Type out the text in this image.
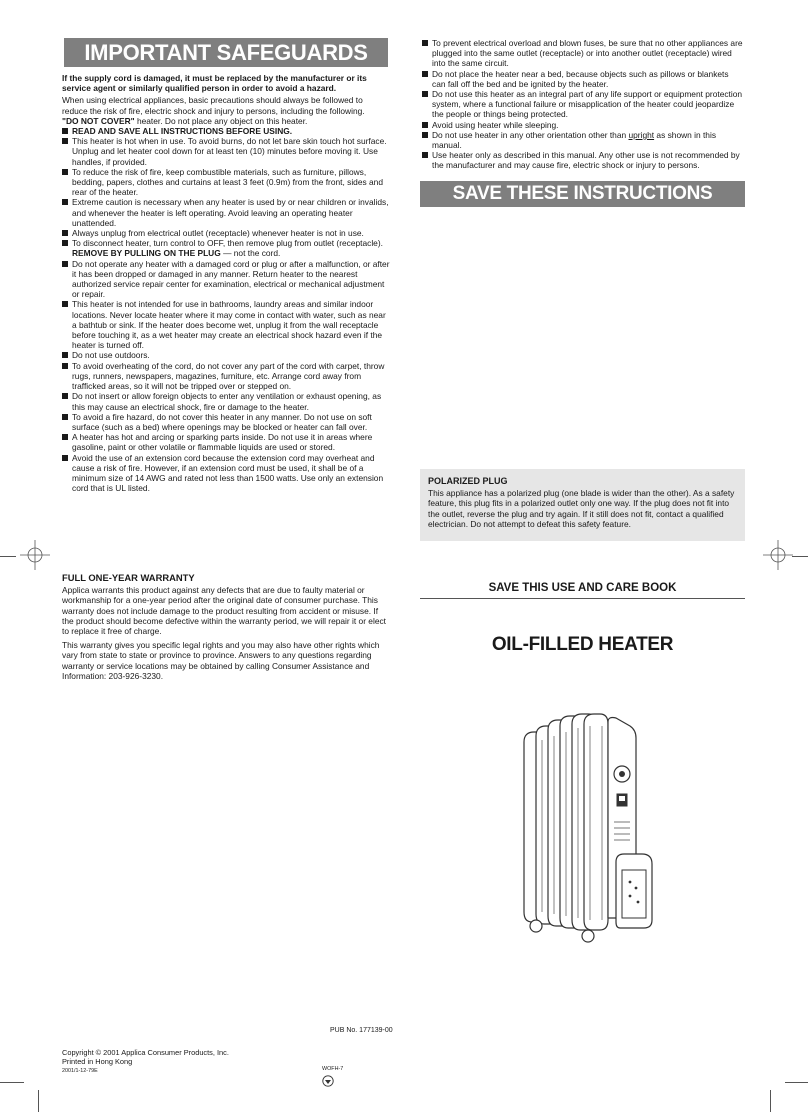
IMPORTANT SAFEGUARDS

If the supply cord is damaged, it must be replaced by the manufacturer or its service agent or similarly qualified person in order to avoid a hazard.

When using electrical appliances, basic precautions should always be followed to reduce the risk of fire, electric shock and injury to persons, including the following.

"DO NOT COVER" heater. Do not place any object on this heater.

READ AND SAVE ALL INSTRUCTIONS BEFORE USING.
This heater is hot when in use. To avoid burns, do not let bare skin touch hot surface. Unplug and let heater cool down for at least ten (10) minutes before moving it. Use handles, if provided.
To reduce the risk of fire, keep combustible materials, such as furniture, pillows, bedding, papers, clothes and curtains at least 3 feet (0.9m) from the front, sides and rear of the heater.
Extreme caution is necessary when any heater is used by or near children or invalids, and whenever the heater is left operating. Avoid leaving an operating heater unattended.
Always unplug from electrical outlet (receptacle) whenever heater is not in use.
To disconnect heater, turn control to OFF, then remove plug from outlet (receptacle).
REMOVE BY PULLING ON THE PLUG — not the cord.
Do not operate any heater with a damaged cord or plug or after a malfunction, or after it has been dropped or damaged in any manner. Return heater to the nearest authorized service repair center for examination, electrical or mechanical adjustment or repair.
This heater is not intended for use in bathrooms, laundry areas and similar indoor locations. Never locate heater where it may come in contact with water, such as near a bathtub or sink. If the heater does become wet, unplug it from the wall receptacle before touching it, as a wet heater may create an electrical shock hazard even if the heater is turned off.
Do not use outdoors.
To avoid overheating of the cord, do not cover any part of the cord with carpet, throw rugs, runners, newspapers, magazines, furniture, etc. Arrange cord away from trafficked areas, so it will not be tripped over or stepped on.
Do not insert or allow foreign objects to enter any ventilation or exhaust opening, as this may cause an electrical shock, fire or damage to the heater.
To avoid a fire hazard, do not cover this heater in any manner. Do not use on soft surface (such as a bed) where openings may be blocked or heater can fall over.
A heater has hot and arcing or sparking parts inside. Do not use it in areas where gasoline, paint or other volatile or flammable liquids are used or stored.
Avoid the use of an extension cord because the extension cord may overheat and cause a risk of fire. However, if an extension cord must be used, it shall be of a minimum size of 14 AWG and rated not less than 1500 watts. Use only an extension cord that is UL listed.
To prevent electrical overload and blown fuses, be sure that no other appliances are plugged into the same outlet (receptacle) or into another outlet (receptacle) wired into the same circuit.
Do not place the heater near a bed, because objects such as pillows or blankets can fall off the bed and be ignited by the heater.
Do not use this heater as an integral part of any life support or equipment protection system, where a functional failure or misapplication of the heater could jeopardize the people or things being protected.
Avoid using heater while sleeping.
Do not use heater in any other orientation other than upright as shown in this manual.
Use heater only as described in this manual. Any other use is not recommended by the manufacturer and may cause fire, electric shock or injury to persons.
SAVE THESE INSTRUCTIONS
POLARIZED PLUG
This appliance has a polarized plug (one blade is wider than the other). As a safety feature, this plug fits in a polarized outlet only one way. If the plug does not fit into the outlet, reverse the plug and try again. If it still does not fit, contact a qualified electrician. Do not attempt to defeat this safety feature.
FULL ONE-YEAR WARRANTY

Applica warrants this product against any defects that are due to faulty material or workmanship for a one-year period after the original date of consumer purchase. This warranty does not include damage to the product resulting from accident or misuse. If the product should become defective within the warranty period, we will repair it or elect to replace it free of charge.

This warranty gives you specific legal rights and you may also have other rights which vary from state to state or province to province. Answers to any questions regarding warranty or service locations may be obtained by calling Consumer Assistance and Information: 203-926-3230.

SAVE THIS USE AND CARE BOOK
OIL-FILLED HEATER
PUB No. 177139-00
Copyright © 2001 Applica Consumer Products, Inc.
Printed in Hong Kong
2001/1-12-79E	WOFH-7
